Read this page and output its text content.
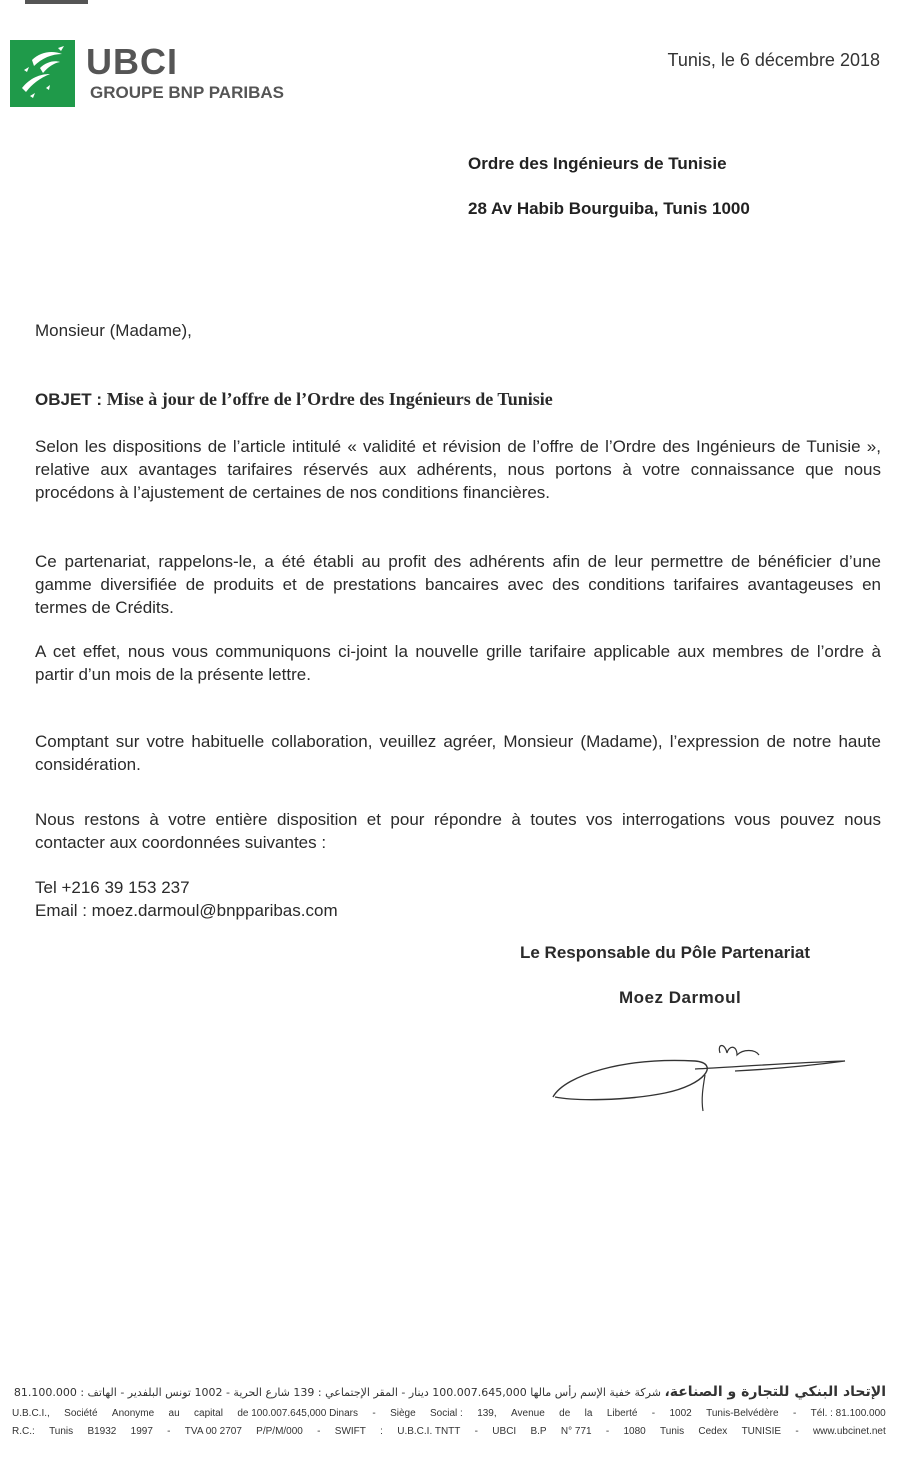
UBCI
GROUPE BNP PARIBAS
Tunis, le 6 décembre 2018
Ordre des Ingénieurs de Tunisie
28 Av Habib Bourguiba, Tunis 1000
Monsieur (Madame),
OBJET : Mise à jour de l’offre de l’Ordre des Ingénieurs de Tunisie
Selon les dispositions de l’article intitulé « validité et révision de l’offre de l’Ordre des Ingénieurs de Tunisie », relative aux avantages tarifaires réservés aux adhérents, nous portons à votre connaissance que nous procédons à l’ajustement de certaines de nos conditions financières.
Ce partenariat, rappelons-le, a été établi au profit des adhérents afin de leur permettre de bénéficier d’une gamme diversifiée de produits et de prestations bancaires avec des conditions tarifaires avantageuses en termes de Crédits.
A cet effet, nous vous communiquons ci-joint la nouvelle grille tarifaire applicable aux membres de l’ordre à partir d’un mois de la présente lettre.
Comptant sur votre habituelle collaboration, veuillez agréer, Monsieur (Madame), l’expression de notre haute considération.
Nous restons à votre entière disposition et pour répondre à toutes vos interrogations vous pouvez nous contacter aux coordonnées suivantes :
Tel +216 39 153 237
Email : moez.darmoul@bnpparibas.com
Le Responsable du Pôle Partenariat
Moez Darmoul
الإتحاد البنكي للتجارة و الصناعة، شركة خفية الإسم رأس مالها 100.007.645,000 دينار - المقر الإجتماعي : 139 شارع الحرية - 1002 تونس البلفدير - الهاتف : 81.100.000
U.B.C.I., Société Anonyme au capital de 100.007.645,000 Dinars - Siège Social : 139, Avenue de la Liberté - 1002 Tunis-Belvédère - Tél. : 81.100.000
R.C.: Tunis B1932 1997 - TVA 00 2707 P/P/M/000 - SWIFT : U.B.C.I. TNTT - UBCI B.P N° 771 - 1080 Tunis Cedex TUNISIE - www.ubcinet.net
